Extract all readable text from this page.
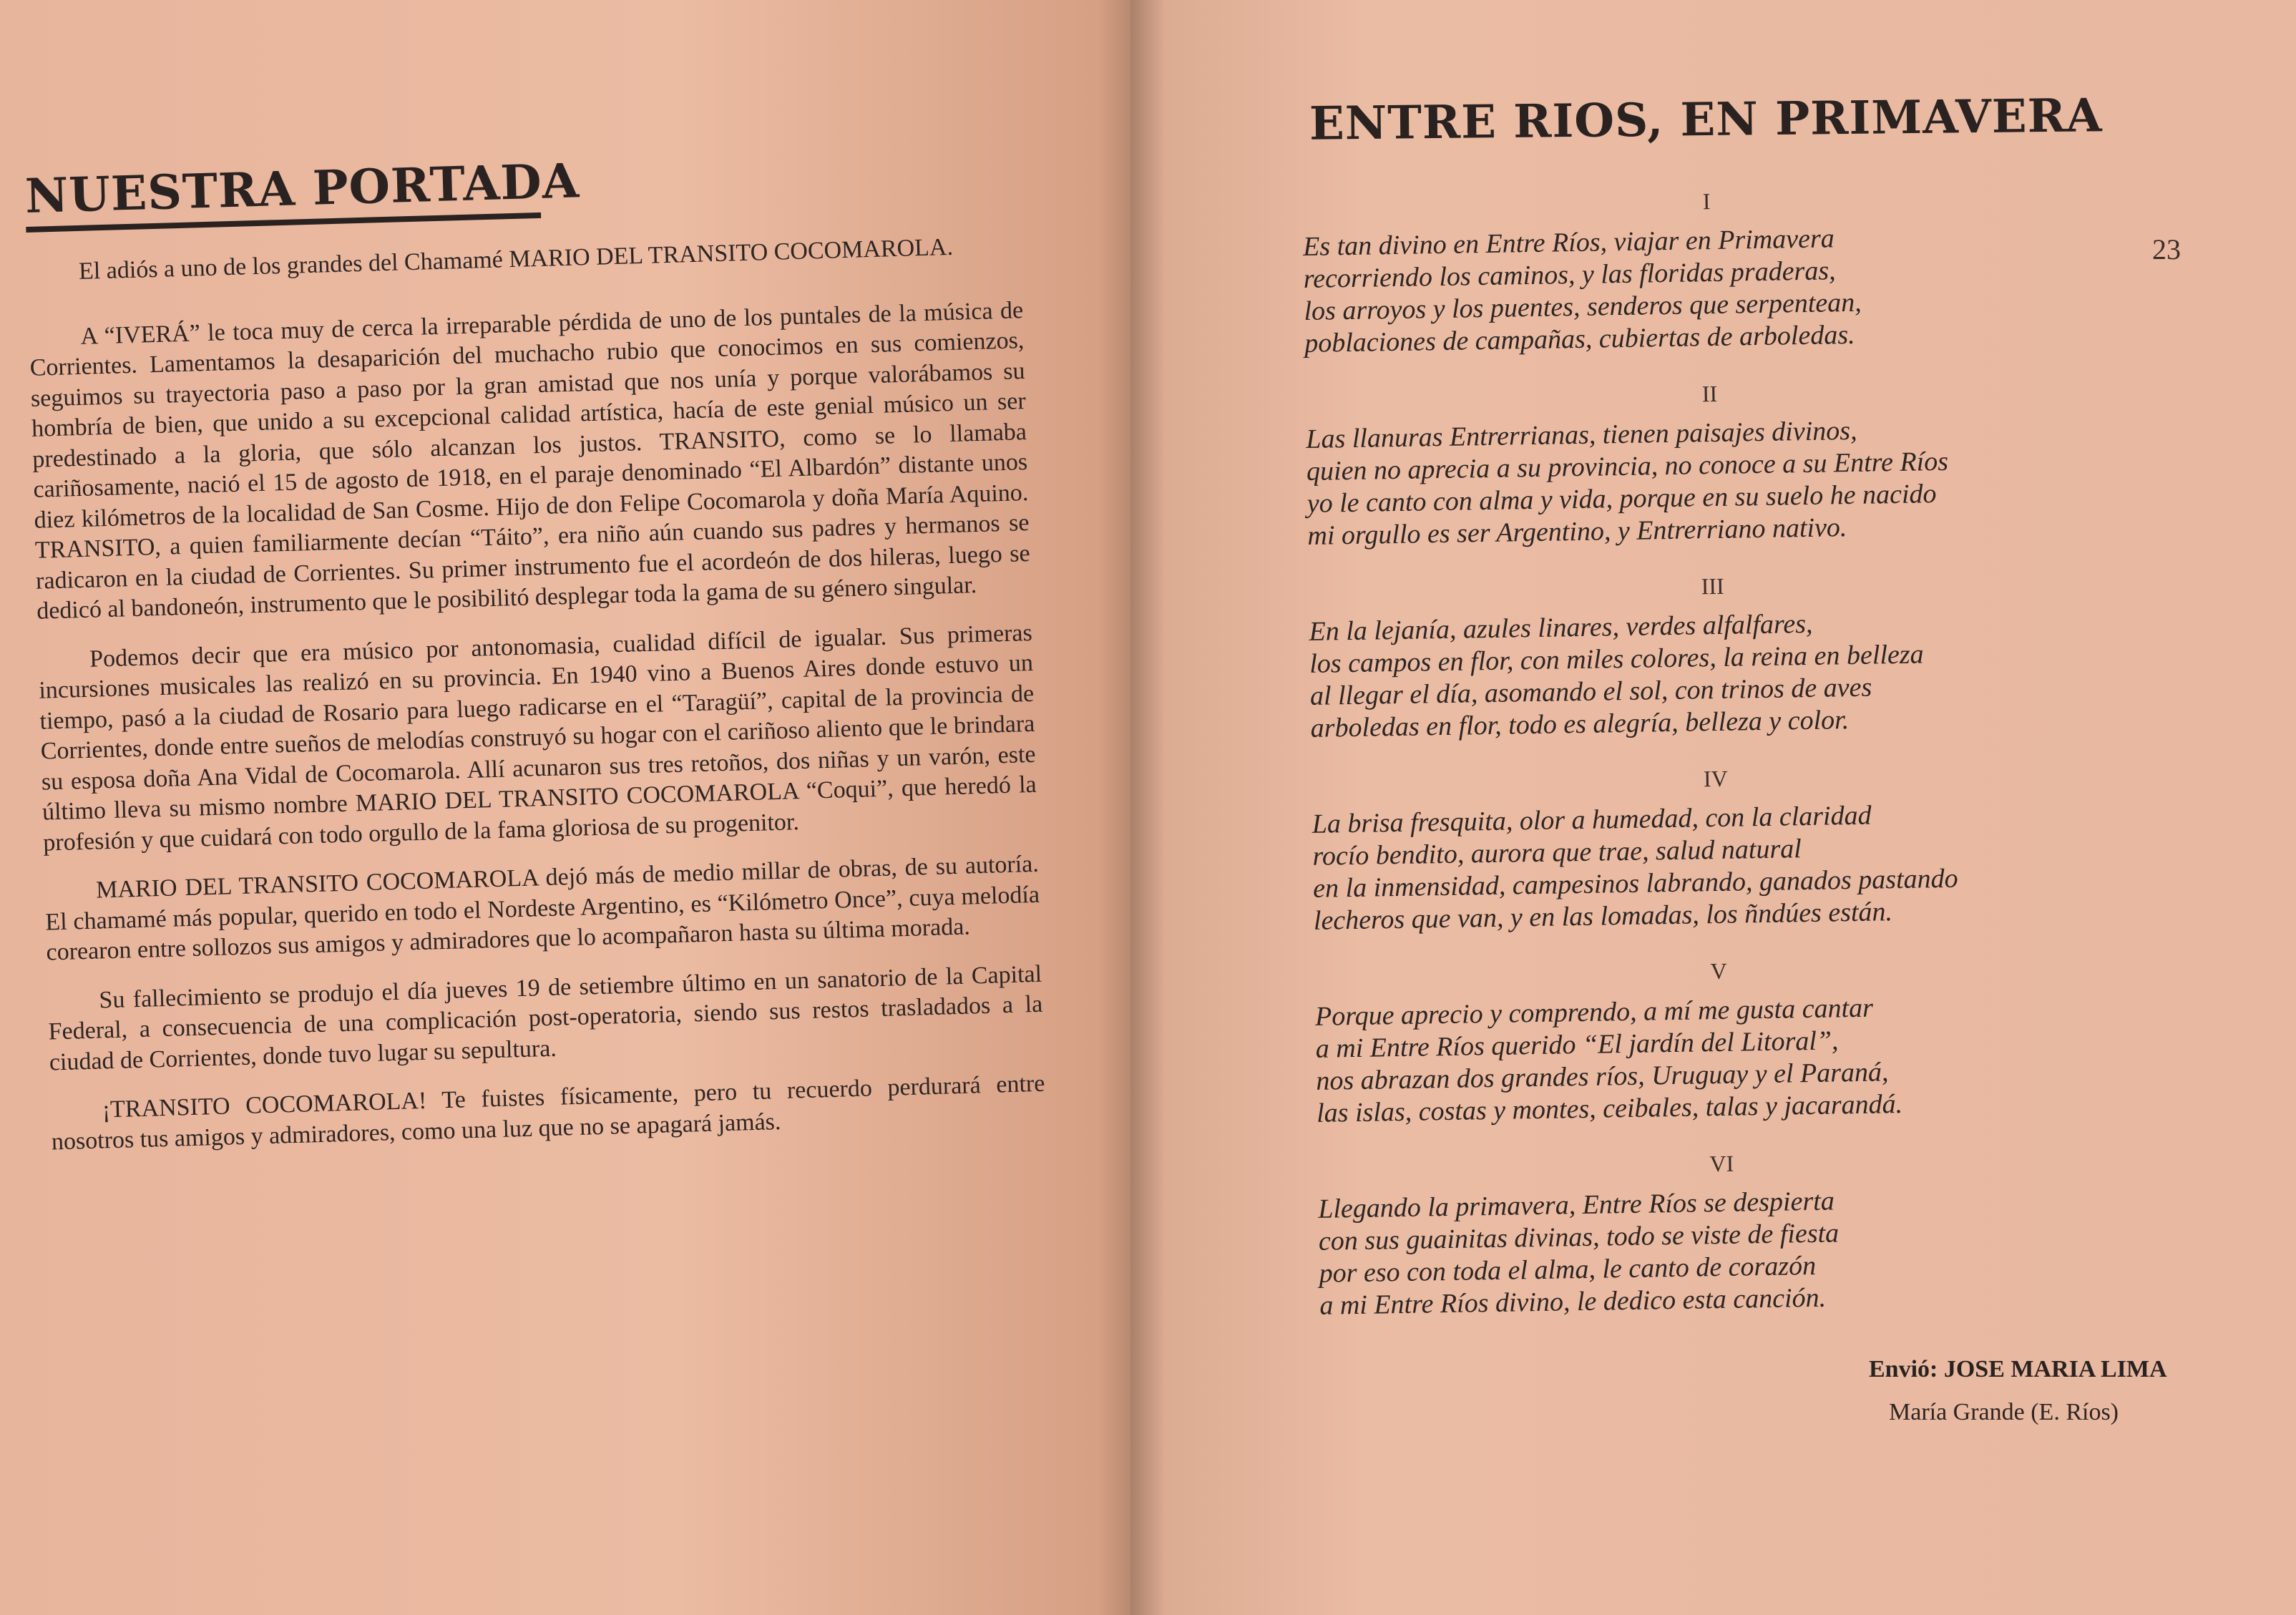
NUESTRA PORTADA

El adiós a uno de los grandes del Chamamé MARIO DEL TRANSITO COCOMAROLA.

A “IVERÁ” le toca muy de cerca la irreparable pérdida de uno de los puntales de la música de Corrientes. Lamentamos la desaparición del muchacho rubio que conocimos en sus comienzos, seguimos su trayectoria paso a paso por la gran amistad que nos unía y porque valorábamos su hombría de bien, que unido a su excepcional calidad artística, hacía de este genial músico un ser predestinado a la gloria, que sólo alcanzan los justos. TRANSITO, como se lo llamaba cariñosamente, nació el 15 de agosto de 1918, en el paraje denominado “El Albardón” distante unos diez kilómetros de la localidad de San Cosme. Hijo de don Felipe Cocomarola y doña María Aquino. TRANSITO, a quien familiarmente decían “Táito”, era niño aún cuando sus padres y hermanos se radicaron en la ciudad de Corrientes. Su primer instrumento fue el acordeón de dos hileras, luego se dedicó al bandoneón, instrumento que le posibilitó desplegar toda la gama de su género singular.

Podemos decir que era músico por antonomasia, cualidad difícil de igualar. Sus primeras incursiones musicales las realizó en su provincia. En 1940 vino a Buenos Aires donde estuvo un tiempo, pasó a la ciudad de Rosario para luego radicarse en el “Taragüí”, capital de la provincia de Corrientes, donde entre sueños de melodías construyó su hogar con el cariñoso aliento que le brindara su esposa doña Ana Vidal de Cocomarola. Allí acunaron sus tres retoños, dos niñas y un varón, este último lleva su mismo nombre MARIO DEL TRANSITO COCOMAROLA “Coqui”, que heredó la profesión y que cuidará con todo orgullo de la fama gloriosa de su progenitor.

MARIO DEL TRANSITO COCOMAROLA dejó más de medio millar de obras, de su autoría. El chamamé más popular, querido en todo el Nordeste Argentino, es “Kilómetro Once”, cuya melodía corearon entre sollozos sus amigos y admiradores que lo acompañaron hasta su última morada.

Su fallecimiento se produjo el día jueves 19 de setiembre último en un sanatorio de la Capital Federal, a consecuencia de una complicación post-operatoria, siendo sus restos trasladados a la ciudad de Corrientes, donde tuvo lugar su sepultura.

¡TRANSITO COCOMAROLA! Te fuistes físicamente, pero tu recuerdo perdurará entre nosotros tus amigos y admiradores, como una luz que no se apagará jamás.

ENTRE RIOS, EN PRIMAVERA
23
I
Es tan divino en Entre Ríos, viajar en Primavera
recorriendo los caminos, y las floridas praderas,
los arroyos y los puentes, senderos que serpentean,
poblaciones de campañas, cubiertas de arboledas.
II
Las llanuras Entrerrianas, tienen paisajes divinos,
quien no aprecia a su provincia, no conoce a su Entre Ríos
yo le canto con alma y vida, porque en su suelo he nacido
mi orgullo es ser Argentino, y Entrerriano nativo.
III
En la lejanía, azules linares, verdes alfalfares,
los campos en flor, con miles colores, la reina en belleza
al llegar el día, asomando el sol, con trinos de aves
arboledas en flor, todo es alegría, belleza y color.
IV
La brisa fresquita, olor a humedad, con la claridad
rocío bendito, aurora que trae, salud natural
en la inmensidad, campesinos labrando, ganados pastando
lecheros que van, y en las lomadas, los ñndúes están.
V
Porque aprecio y comprendo, a mí me gusta cantar
a mi Entre Ríos querido “El jardín del Litoral”,
nos abrazan dos grandes ríos, Uruguay y el Paraná,
las islas, costas y montes, ceibales, talas y jacarandá.
VI
Llegando la primavera, Entre Ríos se despierta
con sus guainitas divinas, todo se viste de fiesta
por eso con toda el alma, le canto de corazón
a mi Entre Ríos divino, le dedico esta canción.
Envió: JOSE MARIA LIMA
María Grande (E. Ríos)
